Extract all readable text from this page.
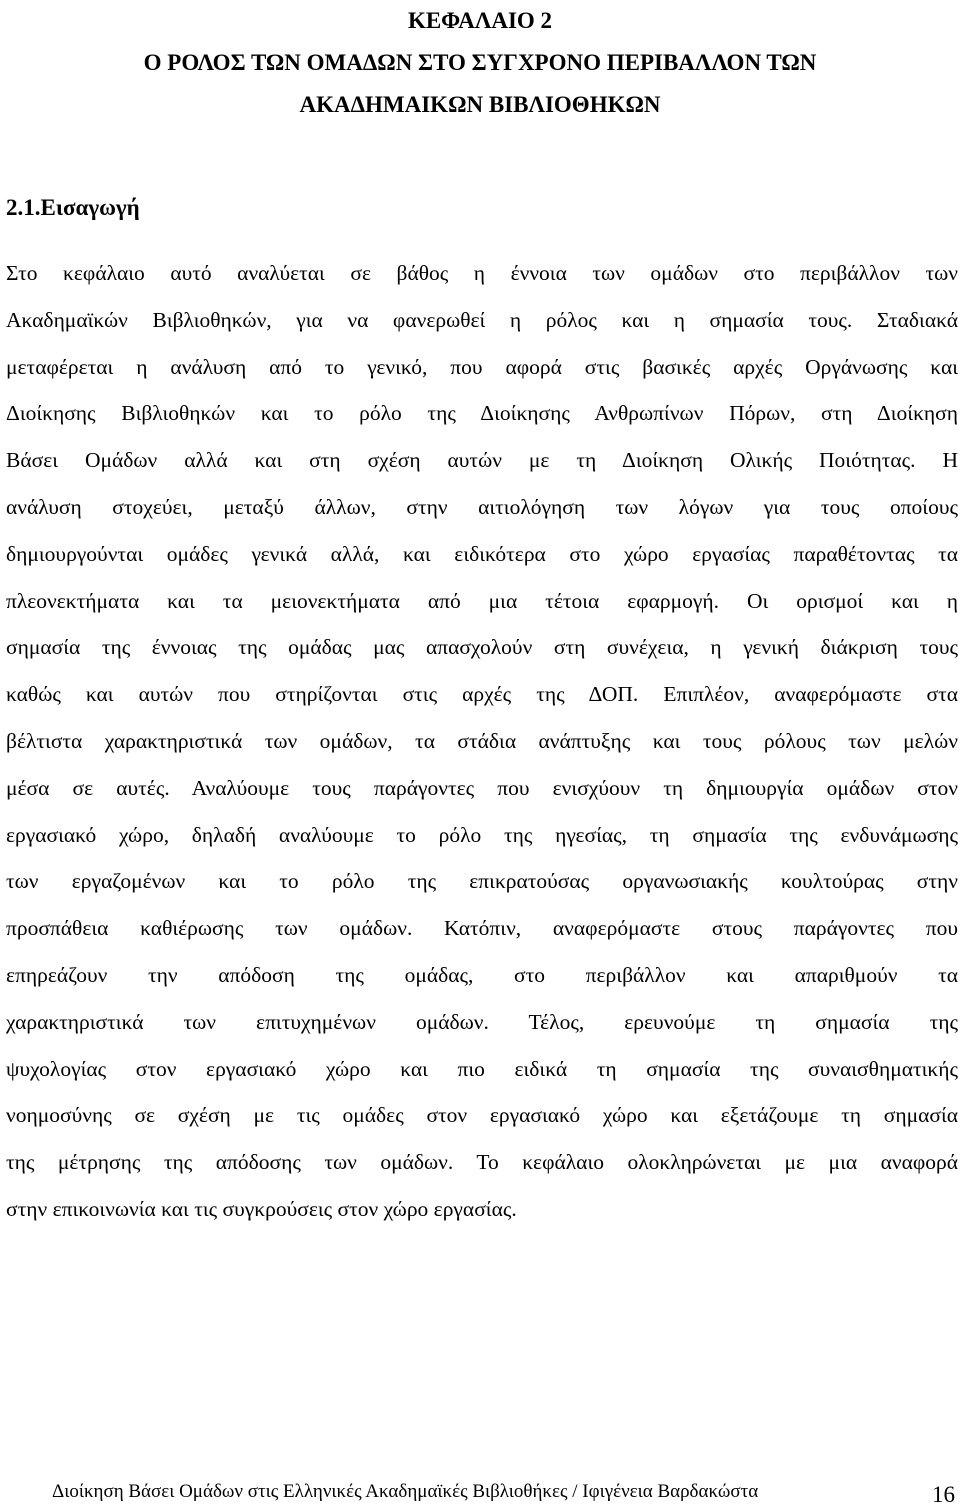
ΚΕΦΑΛΑΙΟ 2
Ο ΡΟΛΟΣ ΤΩΝ ΟΜΑΔΩΝ ΣΤΟ ΣΥΓΧΡΟΝΟ ΠΕΡΙΒΑΛΛΟΝ ΤΩΝ
ΑΚΑΔΗΜΑΙΚΩΝ ΒΙΒΛΙΟΘΗΚΩΝ
2.1.Εισαγωγή
Στο κεφάλαιο αυτό αναλύεται σε βάθος η έννοια των ομάδων στο περιβάλλον των
Ακαδημαϊκών Βιβλιοθηκών, για να φανερωθεί η ρόλος και η σημασία τους. Σταδιακά
μεταφέρεται η ανάλυση από το γενικό, που αφορά στις βασικές αρχές Οργάνωσης και
Διοίκησης Βιβλιοθηκών και το ρόλο της Διοίκησης Ανθρωπίνων Πόρων, στη Διοίκηση
Βάσει Ομάδων αλλά και στη σχέση αυτών με τη Διοίκηση Ολικής Ποιότητας. Η
ανάλυση στοχεύει, μεταξύ άλλων, στην αιτιολόγηση των λόγων για τους οποίους
δημιουργούνται ομάδες γενικά αλλά, και ειδικότερα στο χώρο εργασίας παραθέτοντας τα
πλεονεκτήματα και τα μειονεκτήματα από μια τέτοια εφαρμογή. Οι ορισμοί και η
σημασία της έννοιας της ομάδας μας απασχολούν στη συνέχεια, η γενική διάκριση τους
καθώς και αυτών που στηρίζονται στις αρχές της ΔΟΠ. Επιπλέον, αναφερόμαστε στα
βέλτιστα χαρακτηριστικά των ομάδων, τα στάδια ανάπτυξης και τους ρόλους των μελών
μέσα σε αυτές. Αναλύουμε τους παράγοντες που ενισχύουν τη δημιουργία ομάδων στον
εργασιακό χώρο, δηλαδή αναλύουμε το ρόλο της ηγεσίας, τη σημασία της ενδυνάμωσης
των εργαζομένων και το ρόλο της επικρατούσας οργανωσιακής κουλτούρας στην
προσπάθεια καθιέρωσης των ομάδων. Κατόπιν, αναφερόμαστε στους παράγοντες που
επηρεάζουν την απόδοση της ομάδας, στο περιβάλλον και απαριθμούν τα
χαρακτηριστικά των επιτυχημένων ομάδων. Τέλος, ερευνούμε τη σημασία της
ψυχολογίας στον εργασιακό χώρο και πιο ειδικά τη σημασία της συναισθηματικής
νοημοσύνης σε σχέση με τις ομάδες στον εργασιακό χώρο και εξετάζουμε τη σημασία
της μέτρησης της απόδοσης των ομάδων. Το κεφάλαιο ολοκληρώνεται με μια αναφορά
στην επικοινωνία και τις συγκρούσεις στον χώρο εργασίας.
Διοίκηση Βάσει Ομάδων στις Ελληνικές Ακαδημαϊκές Βιβλιοθήκες / Ιφιγένεια Βαρδακώστα	16
